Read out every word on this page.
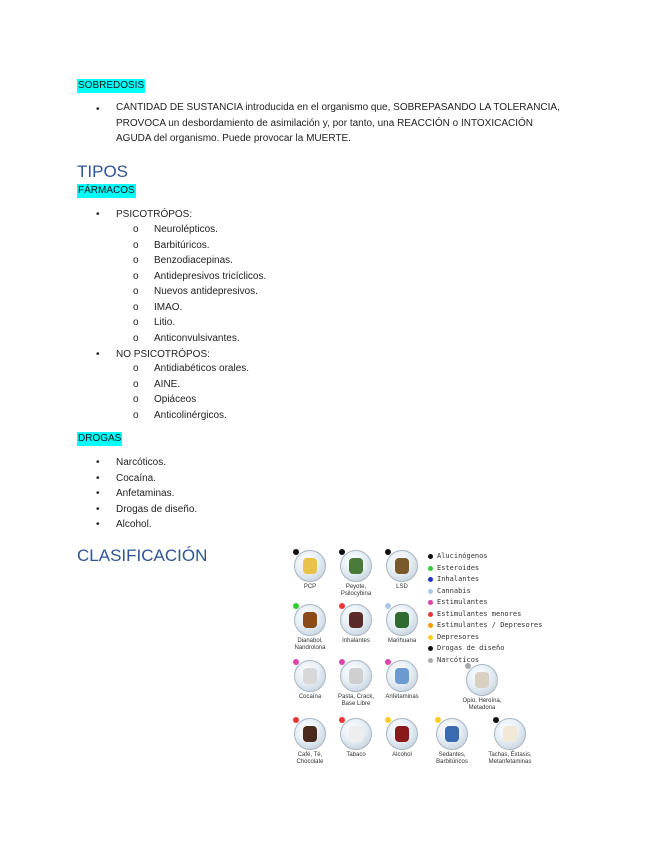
SOBREDOSIS
CANTIDAD DE SUSTANCIA introducida en el organismo que, SOBREPASANDO LA TOLERANCIA,
PROVOCA un desbordamiento de asimilación y, por tanto, una REACCIÓN o INTOXICACIÓN
AGUDA del organismo. Puede provocar la MUERTE.
TIPOS
FÁRMACOS
PSICOTRÓPOS:
o Neurolépticos.
o Barbitúricos.
o Benzodiacepinas.
o Antidepresivos tricíclicos.
o Nuevos antidepresivos.
o IMAO.
o Litio.
o Anticonvulsivantes.
NO PSICOTRÓPOS:
o Antidiabéticos orales.
o AINE.
o Opiáceos
o Anticolinérgicos.
DROGAS
Narcóticos.
Cocaína.
Anfetaminas.
Drogas de diseño.
Alcohol.
CLASIFICACIÓN	Alucinógenos
Esteroides
Inhalantes
Cannabis
Estimulantes
Estimulantes menores
Estimulantes / Depresores
Depresores
Drogas de diseño
Narcóticos
PCP	Peyote, Psilocybina
LSD
Dianabol, Nandrolona
Inhalantes	Marihuana
Cocaína	Pasta, Crack, Base Libre
Anfetaminas
Opio, Heroína, Metadona
Café, Té, Chocolate
Tabaco	Alcohol	Sedantes, Barbitúricos
Tachas, Éxtasis, Metanfetaminas
